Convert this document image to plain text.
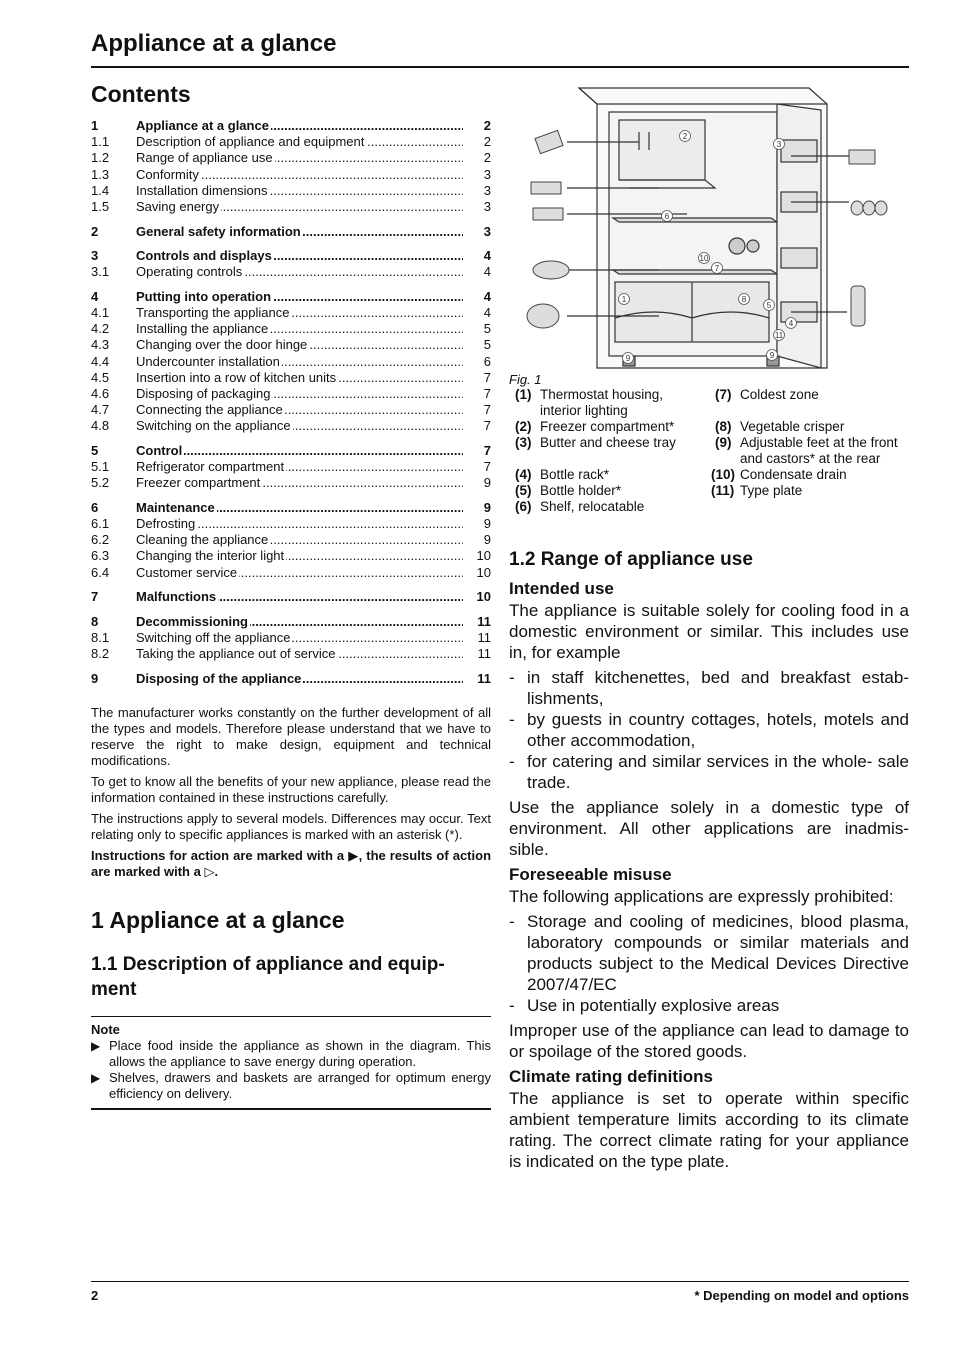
Appliance at a glance
Contents
1	Appliance at a glance .....	2
1.1	Description of appliance and equipment .....	2
1.2	Range of appliance use .....	2
1.3	Conformity .....	3
1.4	Installation dimensions .....	3
1.5	Saving energy .....	3
2	General safety information .....	3
3	Controls and displays .....	4
3.1	Operating controls .....	4
4	Putting into operation .....	4
4.1	Transporting the appliance .....	4
4.2	Installing the appliance .....	5
4.3	Changing over the door hinge .....	5
4.4	Undercounter installation .....	6
4.5	Insertion into a row of kitchen units .....	7
4.6	Disposing of packaging .....	7
4.7	Connecting the appliance .....	7
4.8	Switching on the appliance .....	7
5	Control .....	7
5.1	Refrigerator compartment .....	7
5.2	Freezer compartment .....	9
6	Maintenance .....	9
6.1	Defrosting .....	9
6.2	Cleaning the appliance .....	9
6.3	Changing the interior light .....	10
6.4	Customer service .....	10
7	Malfunctions .....	10
8	Decommissioning .....	11
8.1	Switching off the appliance .....	11
8.2	Taking the appliance out of service .....	11
9	Disposing of the appliance .....	11

The manufacturer works constantly on the further development of all the types and models. Therefore please understand that we have to reserve the right to make design, equipment and technical modifications.

To get to know all the benefits of your new appliance, please read the information contained in these instructions carefully.

The instructions apply to several models. Differences may occur. Text relating only to specific appliances is marked with an asterisk (*).

Instructions for action are marked with a ▶, the results of action are marked with a ▷.

1 Appliance at a glance
1.1 Description of appliance and equip- ment
Note
▶ Place food inside the appliance as shown in the diagram. This allows the appliance to save energy during operation.
▶ Shelves, drawers and baskets are arranged for optimum energy efficiency on delivery.
2
3
6
10
7
1	8
5
4
11
9	9
Fig. 1
(1) Thermostat housing, interior lighting
(2) Freezer compartment*
(3) Butter and cheese tray
(4) Bottle rack*
(5) Bottle holder*
(6) Shelf, relocatable
(7) Coldest zone
(8) Vegetable crisper
(9) Adjustable feet at the front and castors* at the rear
(10) Condensate drain
(11) Type plate
1.2 Range of appliance use
Intended use

The appliance is suitable solely for cooling food in a domestic environment or similar. This includes use in, for example

- in staff kitchenettes, bed and breakfast estab- lishments,
- by guests in country cottages, hotels, motels and other accommodation,
- for catering and similar services in the whole- sale trade.

Use the appliance solely in a domestic type of environment. All other applications are inadmis- sible.

Foreseeable misuse

The following applications are expressly prohibited:

- Storage and cooling of medicines, blood plasma, laboratory compounds or similar materials and products subject to the Medical Devices Directive 2007/47/EC
- Use in potentially explosive areas

Improper use of the appliance can lead to damage to or spoilage of the stored goods.

Climate rating definitions

The appliance is set to operate within specific ambient temperature limits according to its climate rating. The correct climate rating for your appliance is indicated on the type plate.

2	* Depending on model and options
